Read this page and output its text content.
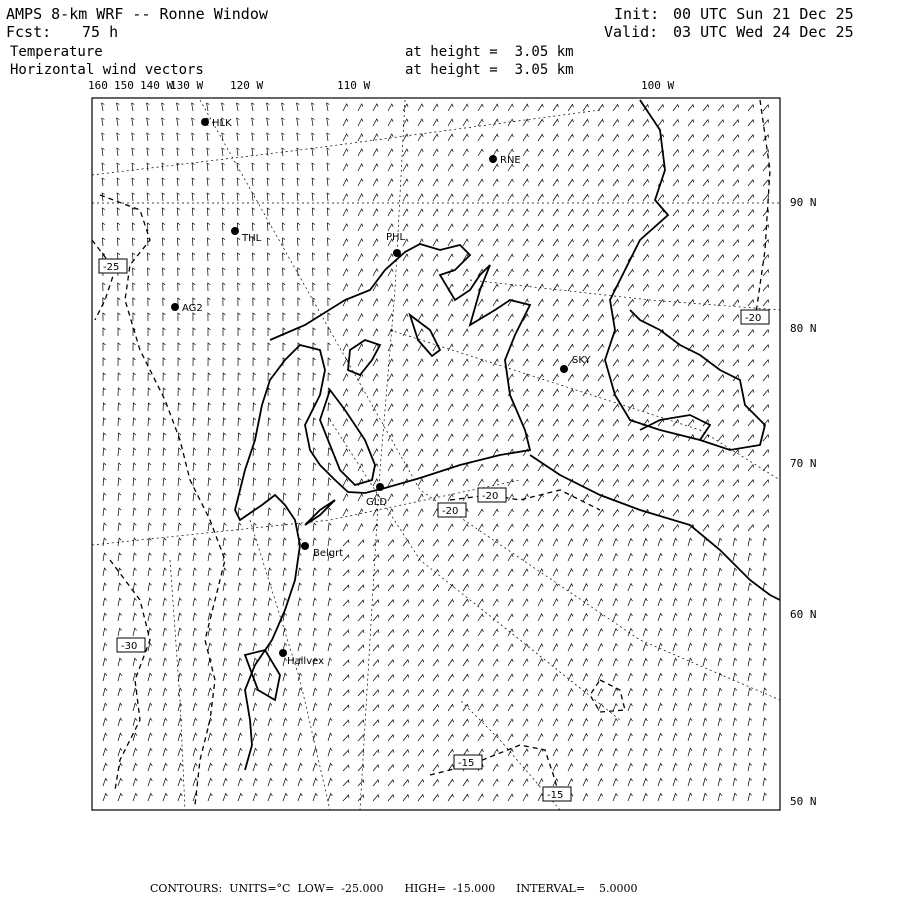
AMPS 8-km WRF -- Ronne Window
Fcst: 75 h
Init: 00 UTC Sun 21 Dec 25
Valid: 03 UTC Wed 24 Dec 25
Temperature	at height =  3.05 km
Horizontal wind vectors	at height =  3.05 km
160 150 140 W
130 W 120 W	110 W	100 W
90 N
80 N
70 N
60 N
50 N
HLK
RNE
THL	PHL
AG2
SKY
GLD
Belgrt
Hallvex
-25
-20
-20
-20
-30
-15
-15
CONTOURS:  UNITS=°C  LOW=  -25.000      HIGH=  -15.000      INTERVAL=    5.0000
